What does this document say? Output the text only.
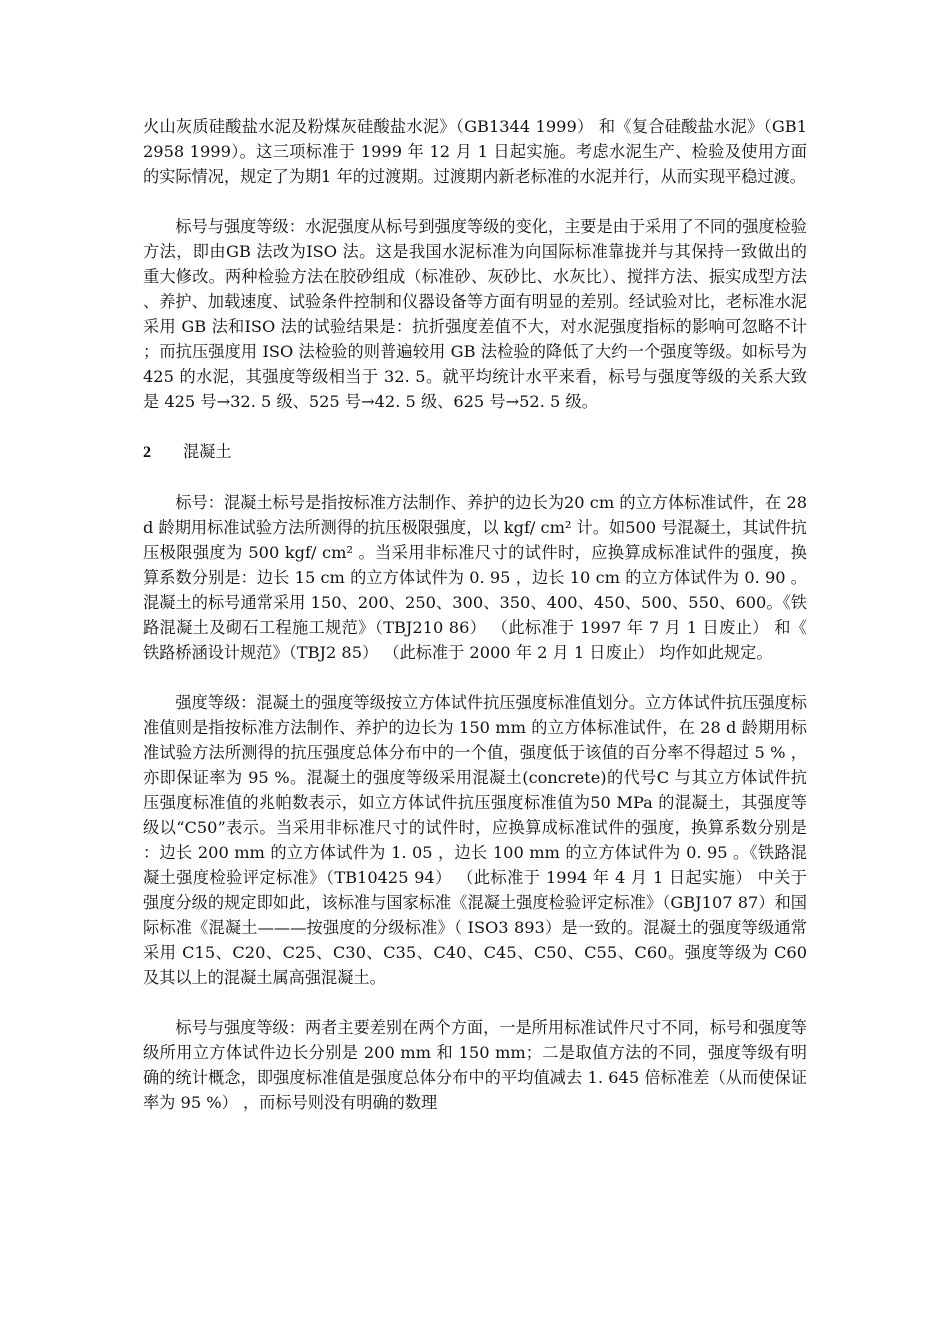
火山灰质硅酸盐水泥及粉煤灰硅酸盐水泥》（GB1344 1999） 和《复合硅酸盐水泥》（GB12958 1999）。这三项标准于 1999 年 12 月 1 日起实施。考虑水泥生产、检验及使用方面的实际情况，规定了为期1 年的过渡期。过渡期内新老标准的水泥并行，从而实现平稳过渡。

标号与强度等级：水泥强度从标号到强度等级的变化，主要是由于采用了不同的强度检验方法，即由GB 法改为ISO 法。这是我国水泥标准为向国际标准靠拢并与其保持一致做出的重大修改。两种检验方法在胶砂组成（标准砂、灰砂比、水灰比）、搅拌方法、振实成型方法、养护、加载速度、试验条件控制和仪器设备等方面有明显的差别。经试验对比，老标准水泥采用 GB 法和ISO 法的试验结果是：抗折强度差值不大，对水泥强度指标的影响可忽略不计；而抗压强度用 ISO 法检验的则普遍较用 GB 法检验的降低了大约一个强度等级。如标号为 425 的水泥，其强度等级相当于 32. 5。就平均统计水平来看，标号与强度等级的关系大致是 425 号→32. 5 级、525 号→42. 5 级、625 号→52. 5 级。

2 混凝土

标号：混凝土标号是指按标准方法制作、养护的边长为20 cm 的立方体标准试件，在 28 d 龄期用标准试验方法所测得的抗压极限强度，以 kgf/ cm² 计。如500 号混凝土，其试件抗压极限强度为 500 kgf/ cm² 。当采用非标准尺寸的试件时，应换算成标准试件的强度，换算系数分别是：边长 15 cm 的立方体试件为 0. 95 ，边长 10 cm 的立方体试件为 0. 90 。混凝土的标号通常采用 150、200、250、300、350、400、450、500、550、600。《铁路混凝土及砌石工程施工规范》（TBJ210 86） （此标准于 1997 年 7 月 1 日废止） 和《铁路桥涵设计规范》（TBJ2 85） （此标准于 2000 年 2 月 1 日废止） 均作如此规定。

强度等级：混凝土的强度等级按立方体试件抗压强度标准值划分。立方体试件抗压强度标准值则是指按标准方法制作、养护的边长为 150 mm 的立方体标准试件，在 28 d 龄期用标准试验方法所测得的抗压强度总体分布中的一个值，强度低于该值的百分率不得超过 5 % ，亦即保证率为 95 %。混凝土的强度等级采用混凝土(concrete)的代号C 与其立方体试件抗压强度标准值的兆帕数表示，如立方体试件抗压强度标准值为50 MPa 的混凝土，其强度等级以“C50”表示。当采用非标准尺寸的试件时，应换算成标准试件的强度，换算系数分别是：边长 200 mm 的立方体试件为 1. 05 ，边长 100 mm 的立方体试件为 0. 95 。《铁路混凝土强度检验评定标准》（TB10425 94） （此标准于 1994 年 4 月 1 日起实施） 中关于强度分级的规定即如此，该标准与国家标准《混凝土强度检验评定标准》（GBJ107 87）和国际标准《混凝土———按强度的分级标准》（ ISO3 893）是一致的。混凝土的强度等级通常采用 C15、C20、C25、C30、C35、C40、C45、C50、C55、C60。强度等级为 C60 及其以上的混凝土属高强混凝土。

标号与强度等级：两者主要差别在两个方面，一是所用标准试件尺寸不同，标号和强度等级所用立方体试件边长分别是 200 mm 和 150 mm；二是取值方法的不同，强度等级有明确的统计概念，即强度标准值是强度总体分布中的平均值减去 1. 645 倍标准差（从而使保证率为 95 %） ，而标号则没有明确的数理
